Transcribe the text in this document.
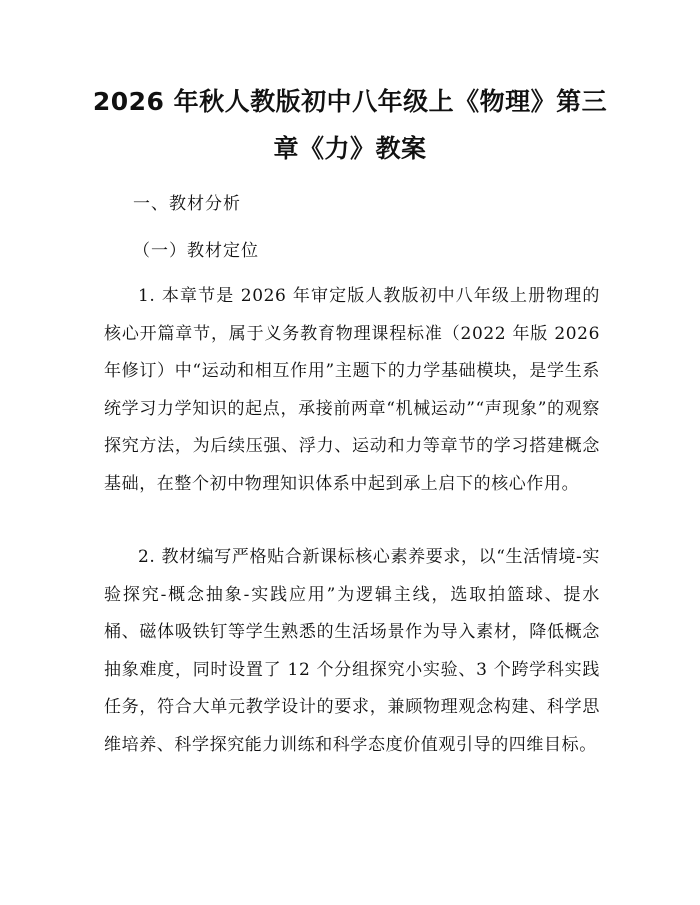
2026 年秋人教版初中八年级上《物理》第三
章《力》教案
一、教材分析
（一）教材定位

1. 本章节是 2026 年审定版人教版初中八年级上册物理的核心开篇章节，属于义务教育物理课程标准（2022 年版 2026 年修订）中“运动和相互作用”主题下的力学基础模块，是学生系统学习力学知识的起点，承接前两章“机械运动”“声现象”的观察探究方法，为后续压强、浮力、运动和力等章节的学习搭建概念基础，在整个初中物理知识体系中起到承上启下的核心作用。

2. 教材编写严格贴合新课标核心素养要求，以“生活情境-实验探究-概念抽象-实践应用”为逻辑主线，选取拍篮球、提水桶、磁体吸铁钉等学生熟悉的生活场景作为导入素材，降低概念抽象难度，同时设置了 12 个分组探究小实验、3 个跨学科实践任务，符合大单元教学设计的要求，兼顾物理观念构建、科学思维培养、科学探究能力训练和科学态度价值观引导的四维目标。
